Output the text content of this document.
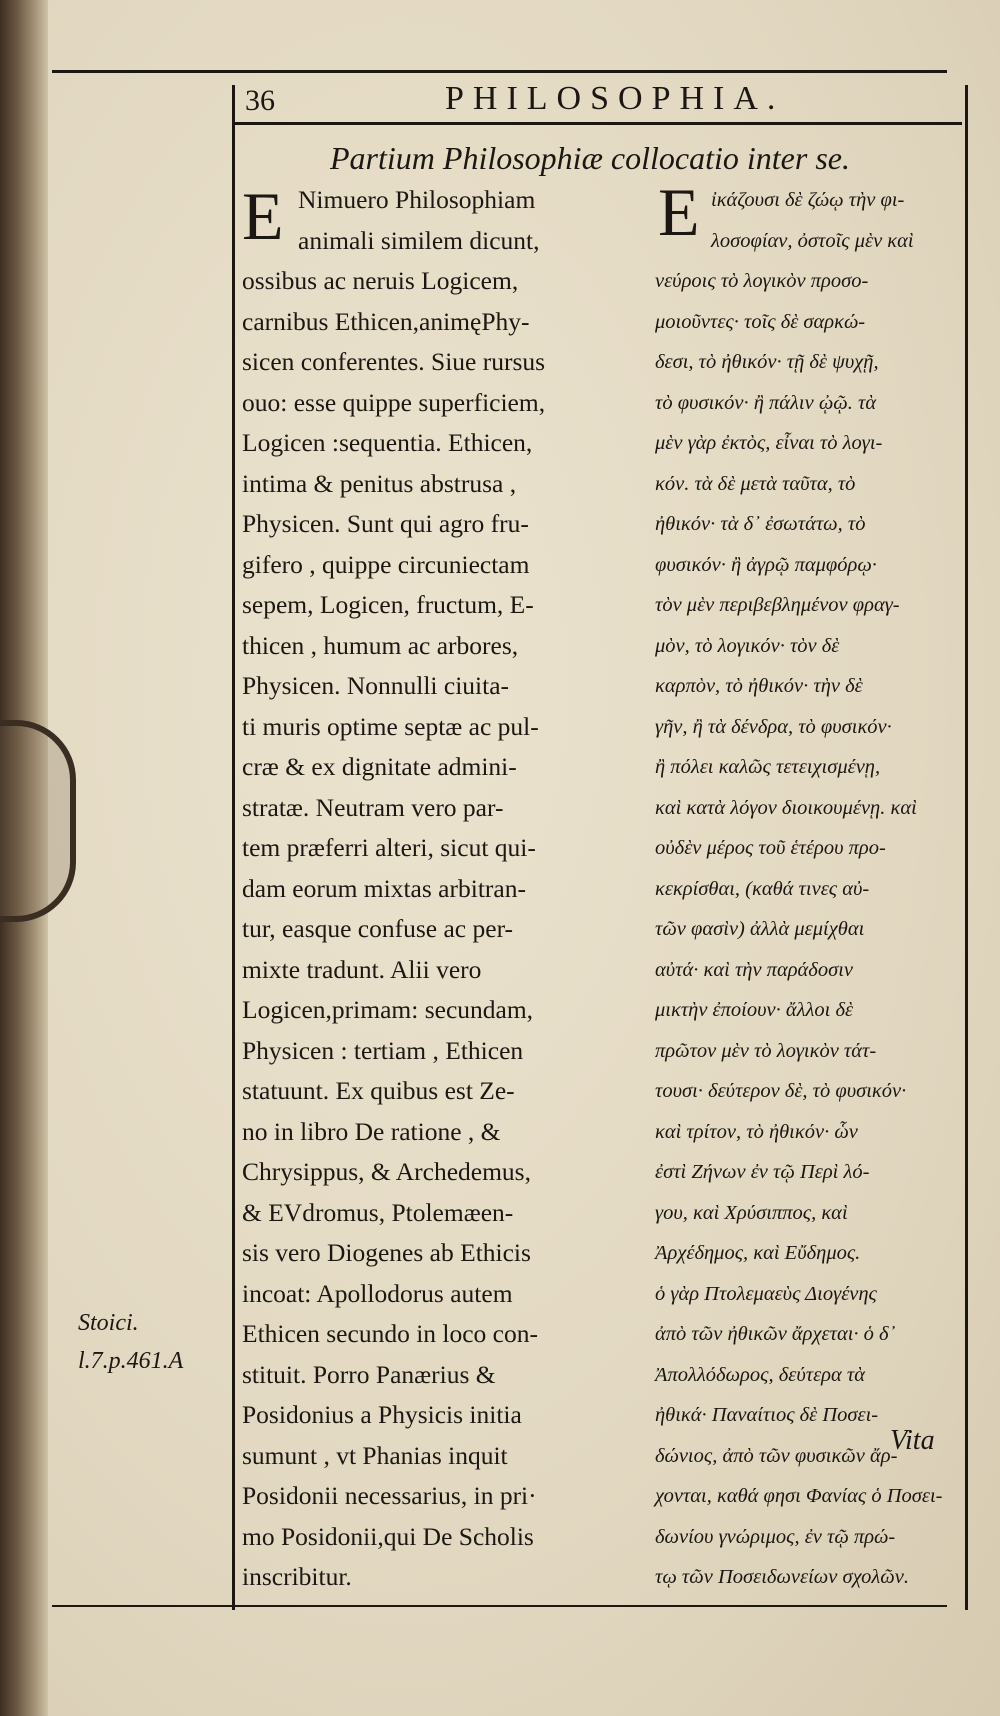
36	PHILOSOPHIA.
Partium Philosophiæ collocatio inter se.
E Nimuero Philosophiam
animali similem dicunt,
ossibus ac neruis Logicem,
carnibus Ethicen,animęPhy-
sicen conferentes. Siue rursus
ouo: esse quippe superficiem,
Logicen :sequentia. Ethicen,
intima & penitus abstrusa ,
Physicen. Sunt qui agro fru-
gifero , quippe circuniectam
sepem, Logicen, fructum, E-
thicen , humum ac arbores,
Physicen. Nonnulli ciuita-
ti muris optime septæ ac pul-
cræ & ex dignitate admini-
stratæ. Neutram vero par-
tem præferri alteri, sicut qui-
dam eorum mixtas arbitran-
tur, easque confuse ac per-
mixte tradunt. Alii vero
Logicen,primam: secundam,
Physicen : tertiam , Ethicen
statuunt. Ex quibus est Ze-
no in libro De ratione , &
Chrysippus, & Archedemus,
& EVdromus, Ptolemæen-
sis vero Diogenes ab Ethicis
incoat: Apollodorus autem
Ethicen secundo in loco con-
stituit. Porro Panærius &
Posidonius a Physicis initia
sumunt , vt Phanias inquit
Posidonii necessarius, in pri·
mo Posidonii,qui De Scholis
inscribitur.
E ἰκάζουσι δὲ ζώῳ τὴν φι-
λοσοφίαν, ὀστοῖς μὲν καὶ
νεύροις τὸ λογικὸν προσο-
μοιοῦντες· τοῖς δὲ σαρκώ-
δεσι, τὸ ἠθικόν· τῇ δὲ ψυχῇ,
τὸ φυσικόν· ἢ πάλιν ᾠῷ. τὰ
μὲν γὰρ ἐκτὸς, εἶναι τὸ λογι-
κόν. τὰ δὲ μετὰ ταῦτα, τὸ
ἠθικόν· τὰ δ᾽ ἐσωτάτω, τὸ
φυσικόν· ἢ ἀγρῷ παμφόρῳ·
τὸν μὲν περιβεβλημένον φραγ-
μὸν, τὸ λογικόν· τὸν δὲ
καρπὸν, τὸ ἠθικόν· τὴν δὲ
γῆν, ἢ τὰ δένδρα, τὸ φυσικόν·
ἢ πόλει καλῶς τετειχισμένῃ,
καὶ κατὰ λόγον διοικουμένῃ. καὶ
οὐδὲν μέρος τοῦ ἑτέρου προ-
κεκρίσθαι, (καθά τινες αὐ-
τῶν φασὶν) ἀλλὰ μεμίχθαι
αὐτά· καὶ τὴν παράδοσιν
μικτὴν ἐποίουν· ἄλλοι δὲ
πρῶτον μὲν τὸ λογικὸν τάτ-
τουσι· δεύτερον δὲ, τὸ φυσικόν·
καὶ τρίτον, τὸ ἠθικόν· ὧν
ἐστὶ Ζήνων ἐν τῷ Περὶ λό-
γου, καὶ Χρύσιππος, καὶ
Ἀρχέδημος, καὶ Εὔδημος.
ὁ γὰρ Πτολεμαεὺς Διογένης
ἀπὸ τῶν ἠθικῶν ἄρχεται· ὁ δ᾽
Ἀπολλόδωρος, δεύτερα τὰ
ἠθικά· Παναίτιος δὲ Ποσει-
δώνιος, ἀπὸ τῶν φυσικῶν ἄρ-
χονται, καθά φησι Φανίας ὁ Ποσει-
δωνίου γνώριμος, ἐν τῷ πρώ-
τῳ τῶν Ποσειδωνείων σχολῶν.
Stoici.
l.7.p.461.A
Vita
